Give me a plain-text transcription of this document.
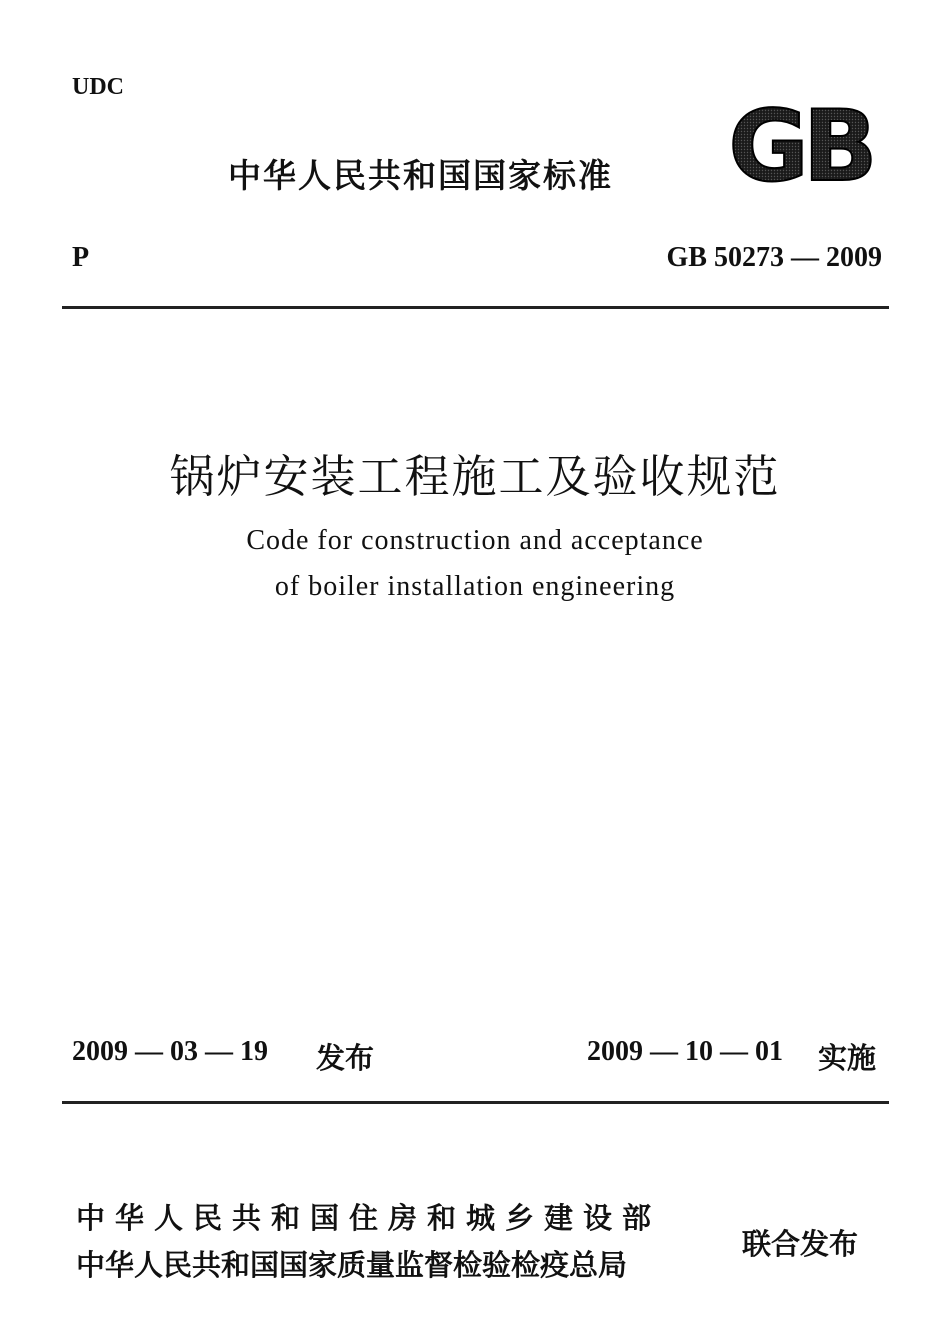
UDC
中华人民共和国国家标准 GB
P	GB 50273 — 2009
锅炉安装工程施工及验收规范
Code for construction and acceptance
of boiler installation engineering
2009 — 03 — 19 发布	2009 — 10 — 01 实施
中华人民共和国住房和城乡建设部
中华人民共和国国家质量监督检验检疫总局
联合发布
